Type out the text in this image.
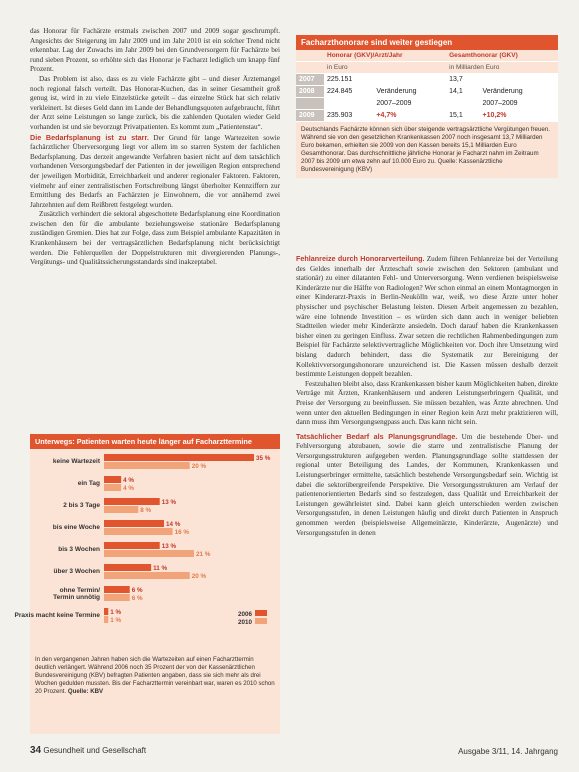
das Honorar für Fachärzte erstmals zwischen 2007 und 2009 sogar geschrumpft. Angesichts der Steigerung im Jahr 2009 und im Jahr 2010 ist ein solcher Trend nicht erkennbar. Lag der Zuwachs im Jahr 2009 bei den Grundversorgern für Fachärzte bei rund sieben Prozent, so erhöhte sich das Honorar je Facharzt lediglich um knapp fünf Prozent.

Das Problem ist also, dass es zu viele Fachärzte gibt – und dieser Ärztemangel noch regional falsch verteilt. Das Honorar-Kuchen, das in seiner Gesamtheit groß genug ist, wird in zu viele Einzelstücke geteilt – das einzelne Stück hat sich relativ verkleinert. Ist dieses Geld dann im Lande der Behandlungsquoten aufgebraucht, führt der Arzt seine Leistungen so lange zurück, bis die zahlenden Quotalen wieder Geld vorhanden ist und sie bevorzugt Privatpatienten. Es kommt zum „Patientenstau“.

Die Bedarfsplanung ist zu starr. Der Grund für lange Wartezeiten sowie fachärztlicher Überversorgung liegt vor allem im so starren System der fachlichen Bedarfsplanung. Das derzeit angewandte Verfahren basiert nicht auf dem tatsächlich vorhandenen Versorgungsbedarf der Patienten in der jeweiligen Region entsprechend der jeweiligen Morbidität, Erreichbarkeit und anderer regionaler Faktoren. Faktoren, vielmehr auf einer zentralistischen Fortschreibung längst überholter Kennziffern zur Ermittlung des Bedarfs an Fachärzten je Einwohnern, die vor annähernd zwei Jahrzehnten auf dem Reißbrett festgelegt wurden.

Zusätzlich verhindert die sektoral abgeschottete Bedarfsplanung eine Koordination zwischen den für die ambulante beziehungsweise stationäre Bedarfsplanung zuständigen Gremien. Dies hat zur Folge, dass zum Beispiel ambulante Kapazitäten in Krankenhäusern bei der vertragsärztlichen Bedarfsplanung nicht berücksichtigt werden. Die Fehlerquellen der Doppelstrukturen mit divergierenden Planungs-, Vergütungs- und Qualitätssicherungsstandards sind inakzeptabel.

Facharzthonorare sind weiter gestiegen
	Honorar (GKV)/Arzt/Jahr		Gesamthonorar (GKV)	
	in Euro		in Milliarden Euro	
2007	225.151		13,7	
2008	224.845	Veränderung	14,1	Veränderung
		2007–2009		2007–2009
2009	235.903	+4,7%	15,1	+10,2%
Deutschlands Fachärzte können sich über steigende vertragsärztliche Vergütungen freuen. Während sie von den gesetzlichen Krankenkassen 2007 noch insgesamt 13,7 Milliarden Euro bekamen, erhielten sie 2009 von den Kassen bereits 15,1 Milliarden Euro Gesamthonorar. Das durchschnittliche jährliche Honorar je Facharzt nahm im Zeitraum 2007 bis 2009 um etwa zehn auf 10.000 Euro zu. Quelle: Kassenärztliche Bundesvereinigung (KBV)

Fehlanreize durch Honorarverteilung. Zudem führen Fehlanreize bei der Verteilung des Geldes innerhalb der Ärzteschaft sowie zwischen den Sektoren (ambulant und stationär) zu einer dilatanten Fehl- und Unterversorgung. Wenn verdienen beispielsweise Kinderärzte nur die Hälfte von Radiologen? Wer schon einmal an einem Montagmorgen in einer Kinderarzt-Praxis in Berlin-Neukölln war, weiß, wo diese Ärzte unter hoher physischer und psychischer Belastung leisten. Diesen Arbeit angemessen zu bezahlen, wäre eine lohnende Investition – es würden sich dann auch in weniger beliebten Stadtteilen wieder mehr Kinderärzte ansiedeln. Doch darauf haben die Krankenkassen bisher einen zu geringen Einfluss. Zwar setzen die rechtlichen Rahmenbedingungen zum Beispiel für Fachärzte selektivvertragliche Möglichkeiten vor. Doch ihre Umsetzung wird bislang dadurch behindert, dass die Systematik zur Bereinigung der Kollektivversorgungshonorare unzureichend ist. Die Kassen müssen deshalb derzeit bestimmte Leistungen doppelt bezahlen.

Festzuhalten bleibt also, dass Krankenkassen bisher kaum Möglichkeiten haben, direkte Verträge mit Ärzten, Krankenhäusern und anderen Leistungserbringern Qualität, und Preise der Versorgung zu beeinflussen. Sie müssen bezahlen, was Ärzte abrechnen. Und wenn unter den aktuellen Bedingungen in einer Region kein Arzt mehr praktizieren will, dann muss ihm Versorgungsengpass auch. Das kann nicht sein.

Tatsächlicher Bedarf als Planungsgrundlage. Um die bestehende Über- und Fehlversorgung abzubauen, sowie die starre und zentralistische Planung der Versorgungsstrukturen aufgegeben werden. Planungsgrundlage sollte stattdessen der regional unter Beteiligung des Landes, der Kommunen, Krankenkassen und Leistungserbringer ermittelte, tatsächlich bestehende Versorgungsbedarf sein. Wichtig ist dabei die sektorübergreifende Perspektive. Die Versorgungsstrukturen am Verlauf der patientenorientierten Bedarfs sind so festzulegen, dass Qualität und Erreichbarkeit der Leistungen gewährleistet sind. Dabei kann gleich unterschieden werden zwischen Versorgungsstufen, in denen Leistungen häufig und direkt durch Patienten in Anspruch genommen werden (beispielsweise Allgemeinärzte, Kinderärzte, Augenärzte) und Versorgungsstufen in denen

Unterwegs: Patienten warten heute länger auf Facharzttermine
keine Wartezeit	35 %
20 %
ein Tag	4 %
4 %
2 bis 3 Tage	13 %
8 %
bis eine Woche	14 %
16 %
bis 3 Wochen	13 %
21 %
über 3 Wochen	11 %
20 %
ohne Termin/
Termin unnötig
6 %
6 %
Praxis macht keine Termine 1 %
1 %
2006
2010
In den vergangenen Jahren haben sich die Wartezeiten auf einen Facharzttermin deutlich verlängert. Während 2006 noch 35 Prozent der von der Kassenärztlichen Bundesvereinigung (KBV) befragten Patienten angaben, dass sie sich mehr als drei Wochen gedulden mussten. Bis der Facharzttermin vereinbart war, waren es 2010 schon 20 Prozent. Quelle: KBV
34 Gesundheit und Gesellschaft	Ausgabe 3/11, 14. Jahrgang
